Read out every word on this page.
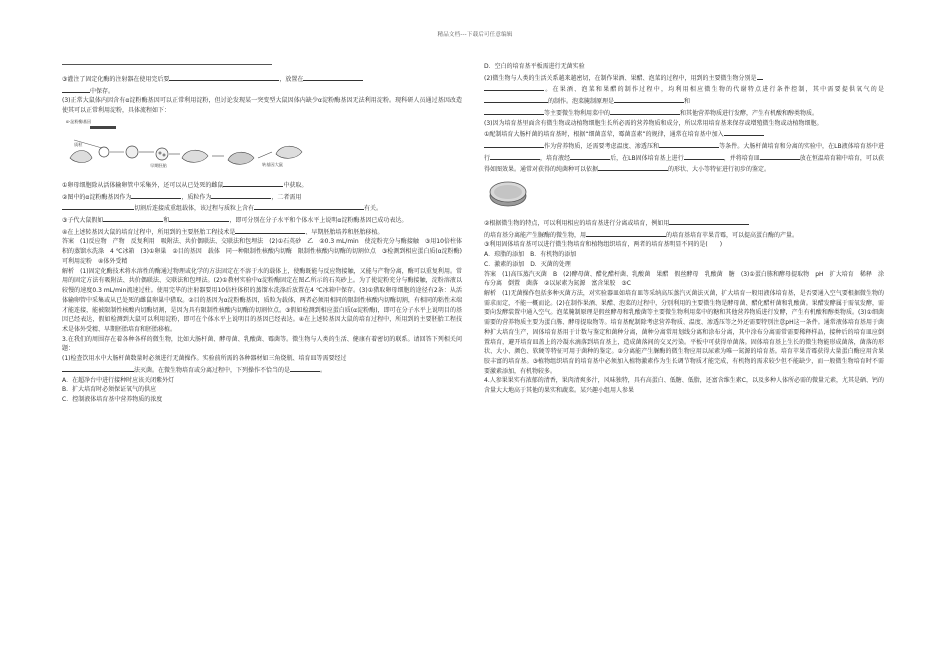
精品文档---下载后可任意编辑

③灌注了固定化酶的注射器在使用完后要	，放置在
中保存。

(3)正常大鼠体内因含有α淀粉酶基因可以正常利用淀粉，但讨论发现某一突变型大鼠因体内缺少α淀粉酶基因无法利用淀粉。现科研人员通过基因改造使其可以正常利用淀粉，具体流程如下：

α-淀粉酶基因
质粒
早期胚胎	转基因大鼠

①卵母细胞除从活体输卵管中采集外，还可以从已处死的雌鼠	中获取。

②图中的α淀粉酶基因作为	，质粒作为	，二者需用
切割后连接成重组载体，该过程与质粒上含有	有关。

③子代大鼠假如	和	，即可分别在分子水平和个体水平上说明α淀粉酶基因已成功表达。

④在上述转基因大鼠的培育过程中，所用到的主要胚胎工程技术是	、早期胚胎培养和胚胎移植。

答案　(1)反应物　产物　反复利用　吸附法、共价偶联法、交联法和包埋法　(2)①石英砂　乙　②0.3 mL/min　使淀粉充分与酶接触　③用10倍柱体积的蒸馏水洗涤　4 ℃冰箱　(3)①卵巢　②目的基因　载体　同一种限制性核酸内切酶　限制性核酸内切酶的切割位点　③检测到相应蛋白质(α淀粉酶)　可利用淀粉　④体外受精

解析　(1)固定化酶技术将水溶性的酶通过物理或化学的方法固定在不溶于水的载体上，使酶既能与反应物接触，又能与产物分离，酶可以重复利用。常用的固定方法有吸附法、共价偶联法、交联法和包埋法。(2)①教材实验中α淀粉酶固定在图乙所示的石英砂上。为了使淀粉充分与酶接触，淀粉溶液以较慢的速度0.3 mL/min流速过柱。使用完毕的注射器要用10倍柱体积的蒸馏水洗涤后放置在4 ℃冰箱中保存。(3)①猎取卵母细胞的途径有2条：从活体输卵管中采集或从已处死的雌鼠卵巢中猎取。②目的基因为α淀粉酶基因，质粒为载体，两者必须用相同的限制性核酸内切酶切割，有相同的粘性末端才能连接，能被限制性核酸内切酶切割，是因为具有限制性核酸内切酶的切割位点。③假如检测到相应蛋白质(α淀粉酶)，即可在分子水平上说明目的基因已经表达，假如检测到大鼠可以利用淀粉，即可在个体水平上说明目的基因已经表达。④在上述转基因大鼠的培育过程中，所用到的主要胚胎工程技术是体外受精、早期胚胎培育和胚胎移植。

3.在我们的周围存在着各种各样的微生物，比如大肠杆菌、酵母菌、乳酸菌、霉菌等。微生物与人类的生活、健康有着密切的联系。请回答下列相关问题：

(1)检查饮用水中大肠杆菌数量时必须进行无菌操作。实验前所需的各种器材如三角烧瓶、培育皿等需要经过
法灭菌。在微生物培育或分离过程中，下列操作不恰当的是	。

A．在超净台中进行接种时应该关闭紫外灯

B．扩大培育时必须保证氧气的供应

C．控制液体培育基中营养物质的浓度

D．空白的培育基平板需进行无菌实验

(2)微生物与人类的生活关系越来越密切，在制作果酒、果醋、泡菜的过程中，用到的主要微生物分别是
。在果酒、泡菜和果醋的制作过程中，均利用相应微生物的代谢特点进行条件控制，其中需要提供氧气的是的制作。泡菜腌制原理是	和
等主要微生物利用菜中的	和其他营养物质进行发酵，产生有机酸和醇类物质。

(3)因为培育基里面含有微生物或动植物细胞生长所必需的营养物质和成分，所以常用培育基来保存或增殖微生物或动植物细胞。

①配制培育大肠杆菌的培育基时，根据“细菌喜荤，霉菌喜素”的规律，通常在培育基中加入
作为营养物质，还需要考虑温度、渗透压和	等条件。大肠杆菌培育和分离的实验中，在LB液体培育基中进行	，培育液经	后，在LB固体培育基上进行	，并将培育皿	放在恒温培育箱中培育，可以获得如图效果。通常对获得的纯菌种可以依据	的形状、大小等特征进行初步的鉴定。

②根据微生物的特点，可以利用相应的培育基进行分离或培育，例如用
的培育基分离能产生脲酶的微生物，用	的培育基培育苹果青霉，可以提高蛋白酶的产量。

③利用固体培育基可以进行微生物培育和植物组织培育，两者的培育基明显不同的是(　　)

A．琼脂的添加　B．有机物的添加

C．激素的添加　D．灭菌的处理

答案　(1)高压蒸汽灭菌　B　(2)酵母菌、醋化醋杆菌、乳酸菌　果醋　假丝酵母　乳酸菌　糖　(3)①蛋白胨和酵母提取物　pH　扩大培育　稀释　涂布分离　倒置　菌落　②以尿素为氮源　富含果胶　③C

解析　(1)无菌操作包括多种灭菌方法，对实验器皿如培育皿等采纳高压蒸汽灭菌法灭菌，扩大培育一般用液体培育基，是否要通入空气要根据微生物的需求而定，不能一概而论。(2)在制作果酒、果醋、泡菜的过程中，分别利用的主要微生物是酵母菌、醋化醋杆菌和乳酸菌。果醋发酵属于需氧发酵，需要向发酵装置中通入空气。泡菜腌制原理是假丝酵母和乳酸菌等主要微生物利用菜中的糖和其他营养物质进行发酵，产生有机酸和醇类物质。(3)①细菌需要的营养物质主要为蛋白胨、酵母提取物等。培育基配制除考虑营养物质、温度、渗透压等之外还需要特别注意pH这一条件。通常液体培育基用于菌种扩大培育生产，固体培育基用于计数与鉴定和菌种分离，菌种分离常用划线分离和涂布分离，其中涂布分离需常需要稀释样品，接种后的培育皿应倒置培育，避开培育皿盖上的冷凝水滴落到培育基上，造成菌落间的交叉污染。平板中可获得单菌落。固体培育基上生长的微生物能形成菌落，菌落的形状、大小、颜色、软硬等特征可用于菌种的鉴定。②分离能产生脲酶的微生物应用以尿素为唯一氮源的培育基。培育苹果青霉获得大量蛋白酶应用含果胶丰富的培育基。③植物组织培育的培育基中必须加入植物激素作为生长调节物质才能完成，有机物的需求较少但不能缺少，而一般微生物培育时不需要激素添加，有机物较多。

4.人参果果实有浓郁的清香，果肉清爽多汁，风味独特，具有高蛋白、低糖、低脂，还富含维生素C，以及多种人体所必需的微量元素，尤其是硒、钙的含量大大地高于其他的果实和蔬菜。某兴趣小组用人参果
